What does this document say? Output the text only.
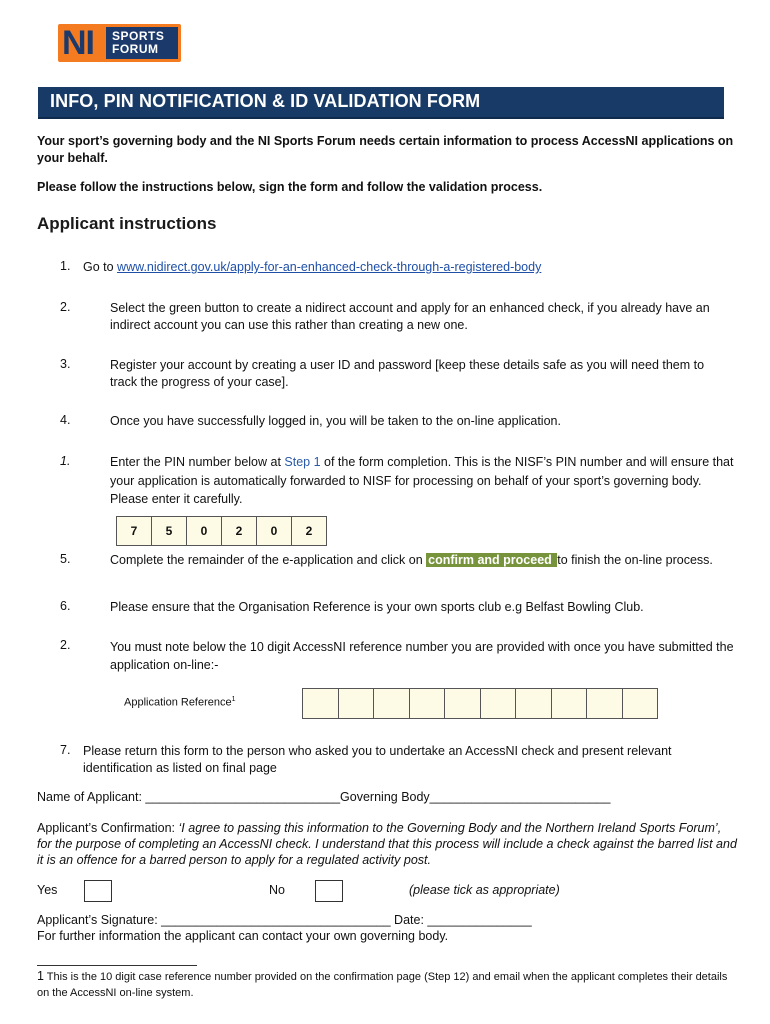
NI SPORTS
FORUM
INFO, PIN NOTIFICATION & ID VALIDATION FORM
Your sport’s governing body and the NI Sports Forum needs certain information to process AccessNI applications on your behalf.
Please follow the instructions below, sign the form and follow the validation process.
Applicant instructions
1. Go to www.nidirect.gov.uk/apply-for-an-enhanced-check-through-a-registered-body
2.	Select the green button to create a nidirect account and apply for an enhanced check, if you already have an indirect account you can use this rather than creating a new one.
3.	Register your account by creating a user ID and password [keep these details safe as you will need them to track the progress of your case].
4.	Once you have successfully logged in, you will be taken to the on-line application.
1.	Enter the PIN number below at Step 1 of the form completion. This is the NISF’s PIN number and will ensure that your application is automatically forwarded to NISF for processing on behalf of your sport’s governing body. Please enter it carefully.
7	5	0	2	0	2
5.	Complete the remainder of the e-application and click on confirm and proceed to finish the on-line process.
6.	Please ensure that the Organisation Reference is your own sports club e.g Belfast Bowling Club.
2.	You must note below the 10 digit AccessNI reference number you are provided with once you have submitted the application on-line:-
Application Reference$^1$
7. Please return this form to the person who asked you to undertake an AccessNI check and present relevant identification as listed on final page
Name of Applicant: ____________________________Governing Body__________________________
Applicant’s Confirmation: ‘I agree to passing this information to the Governing Body and the Northern Ireland Sports Forum’, for the purpose of completing an AccessNI check. I understand that this process will include a check against the barred list and it is an offence for a barred person to apply for a regulated activity post.
Yes	No	(please tick as appropriate)
Applicant’s Signature: _________________________________ Date: _______________
For further information the applicant can contact your own governing body.
1 This is the 10 digit case reference number provided on the confirmation page (Step 12) and email when the applicant completes their details on the AccessNI on-line system.
